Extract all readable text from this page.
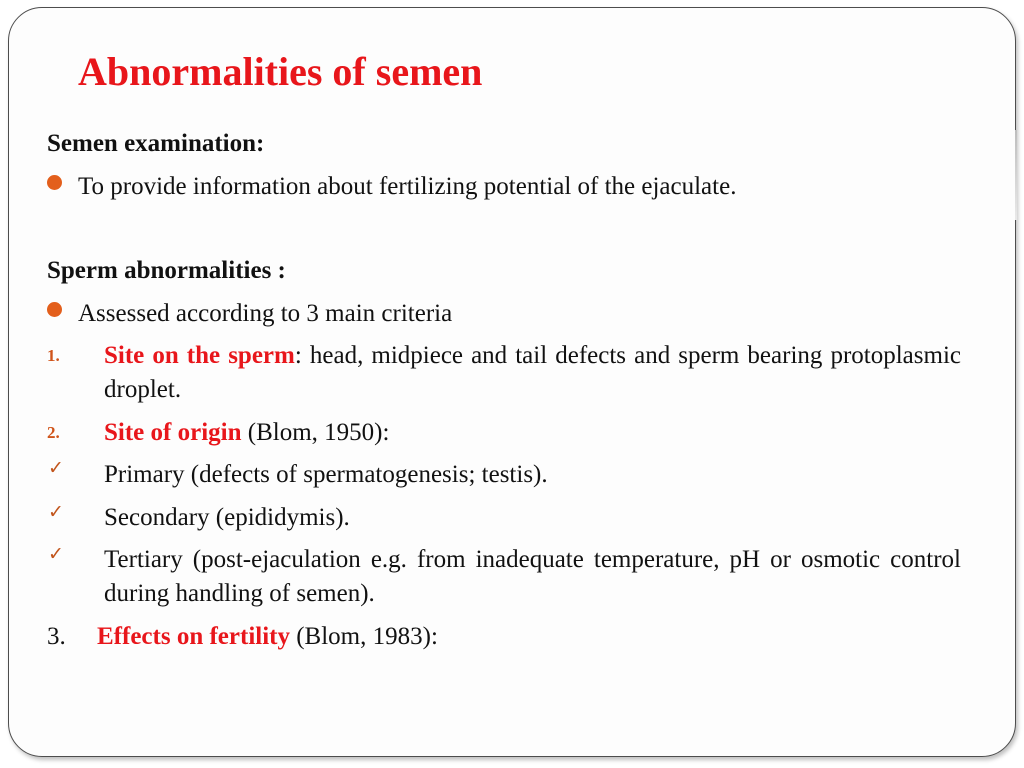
Abnormalities of semen
Semen examination:
To provide information about fertilizing potential of the ejaculate.
Sperm abnormalities :
Assessed according to 3 main criteria
1. Site on the sperm: head, midpiece and tail defects and sperm bearing protoplasmic droplet.
2. Site of origin (Blom, 1950):
✓ Primary (defects of spermatogenesis; testis).
✓ Secondary (epididymis).
✓ Tertiary (post-ejaculation e.g. from inadequate temperature, pH or osmotic control during handling of semen).
3. Effects on fertility (Blom, 1983):
